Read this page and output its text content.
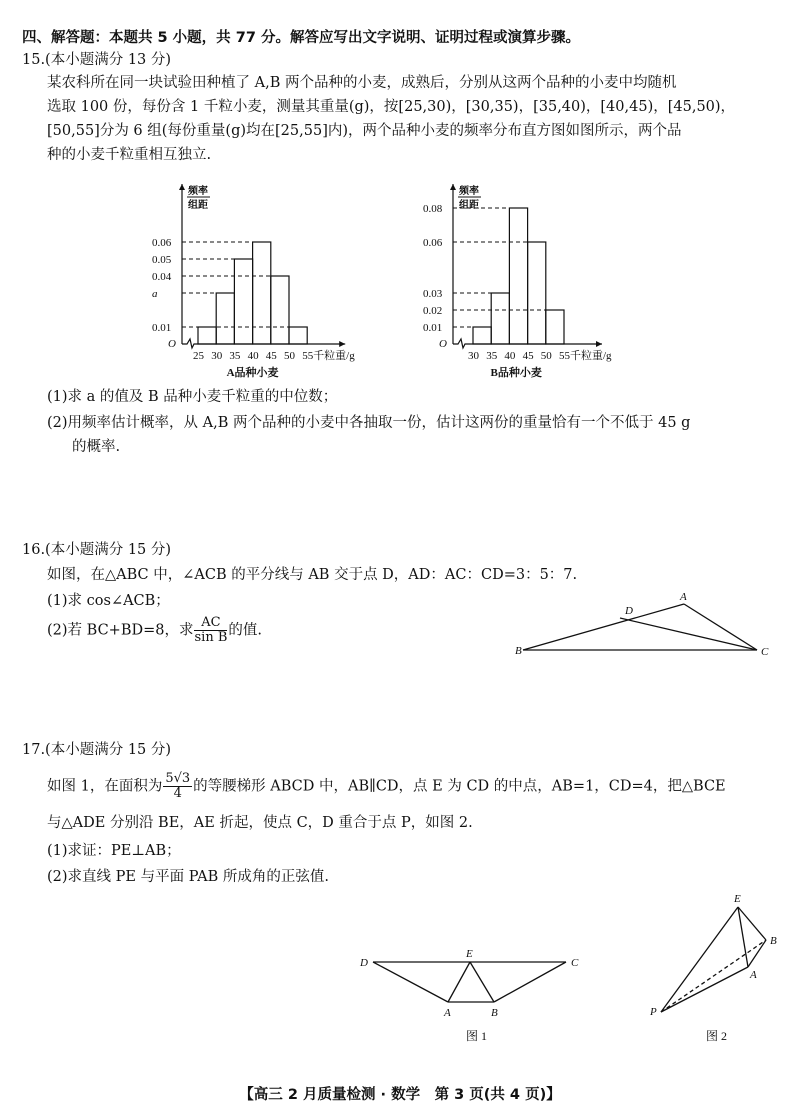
四、解答题：本题共 5 小题，共 77 分。解答应写出文字说明、证明过程或演算步骤。
15.(本小题满分 13 分)
某农科所在同一块试验田种植了 A,B 两个品种的小麦，成熟后，分别从这两个品种的小麦中均随机
选取 100 份，每份含 1 千粒小麦，测量其重量(g)，按[25,30)，[30,35)，[35,40)，[40,45)，[45,50)，
[50,55]分为 6 组(每份重量(g)均在[25,55]内)，两个品种小麦的频率分布直方图如图所示，两个品
种的小麦千粒重相互独立.
O
频率
组距
0.01
a
0.04
0.05
0.06
25 30 35 40 45 50 55 千粒重/g
A品种小麦
O
频率
组距
0.01
0.02
0.03
0.06
0.08
30 35 40 45 50 55 千粒重/g
B品种小麦
B	C
A
D
D	C
E
A	B
图 1
E
B
A
P
图 2
(1)求 a 的值及 B 品种小麦千粒重的中位数；
(2)用频率估计概率，从 A,B 两个品种的小麦中各抽取一份，估计这两份的重量恰有一个不低于 45 g
的概率.
16.(本小题满分 15 分)
如图，在△ABC 中，∠ACB 的平分线与 AB 交于点 D，AD：AC：CD=3：5：7.
(1)求 cos∠ACB；
(2)若 BC+BD=8，求 $\frac{AC}{\text{sin B}}$ 的值.
17.(本小题满分 15 分)
如图 1，在面积为 $\frac{5√3}{4}$ 的等腰梯形 ABCD 中，AB∥CD，点 E 为 CD 的中点，AB=1，CD=4，把△BCE
与△ADE 分别沿 BE，AE 折起，使点 C，D 重合于点 P，如图 2.
(1)求证：PE⊥AB；
(2)求直线 PE 与平面 PAB 所成角的正弦值.
【高三 2 月质量检测 · 数学　第 3 页(共 4 页)】
